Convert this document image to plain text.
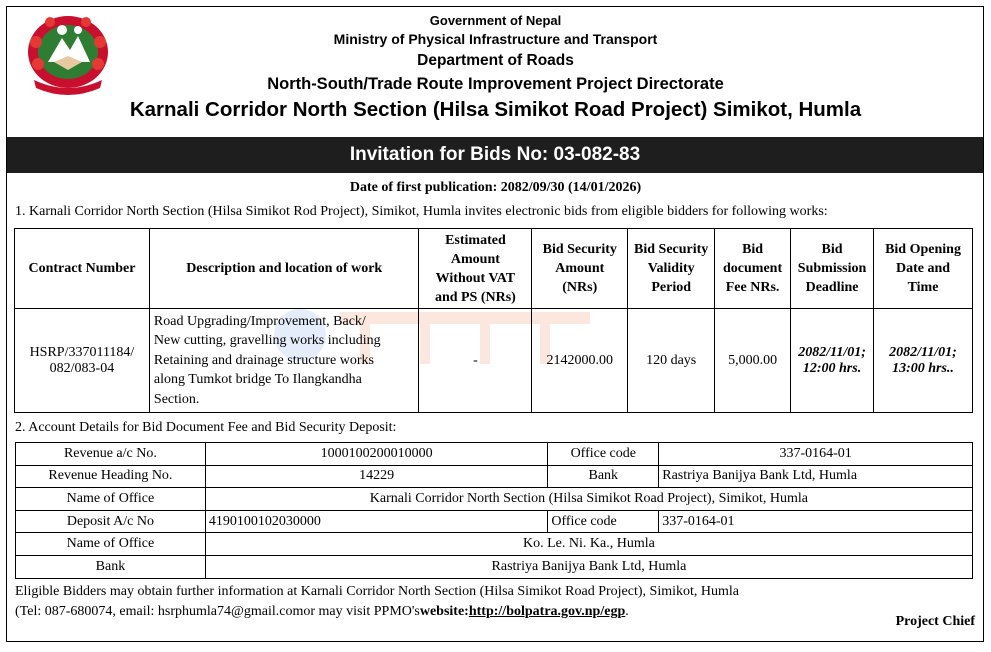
Government of Nepal
Ministry of Physical Infrastructure and Transport
Department of Roads
North-South/Trade Route Improvement Project Directorate
Karnali Corridor North Section (Hilsa Simikot Road Project) Simikot, Humla
Invitation for Bids No: 03-082-83
Date of first publication: 2082/09/30 (14/01/2026)
1. Karnali Corridor North Section (Hilsa Simikot Rod Project), Simikot, Humla invites electronic bids from eligible bidders for following works:
Contract Number	Description and location of work	Estimated
Amount
Without VAT
and PS (NRs)	Bid Security
Amount
(NRs)	Bid Security
Validity
Period	Bid
document
Fee NRs.	Bid
Submission
Deadline	Bid Opening
Date and
Time
HSRP/337011184/
082/083-04	Road Upgrading/Improvement, Back/
New cutting, gravelling works including
Retaining and drainage structure works
along Tumkot bridge To Ilangkandha
Section.	-	2142000.00	120 days	5,000.00	2082/11/01;
12:00 hrs.	2082/11/01;
13:00 hrs..
2. Account Details for Bid Document Fee and Bid Security Deposit:
Revenue a/c No.	1000100200010000	Office code	337-0164-01
Revenue Heading No.	14229	Bank	Rastriya Banijya Bank Ltd, Humla
Name of Office	Karnali Corridor North Section (Hilsa Simikot Road Project), Simikot, Humla		
Deposit A/c No	4190100102030000	Office code	337-0164-01
Name of Office	Ko. Le. Ni. Ka., Humla		
Bank	Rastriya Banijya Bank Ltd, Humla		
Eligible Bidders may obtain further information at Karnali Corridor North Section (Hilsa Simikot Road Project), Simikot, Humla
(Tel: 087-680074, email: hsrphumla74@gmail.comor may visit PPMO'swebsite:http://bolpatra.gov.np/egp.
Project Chief
